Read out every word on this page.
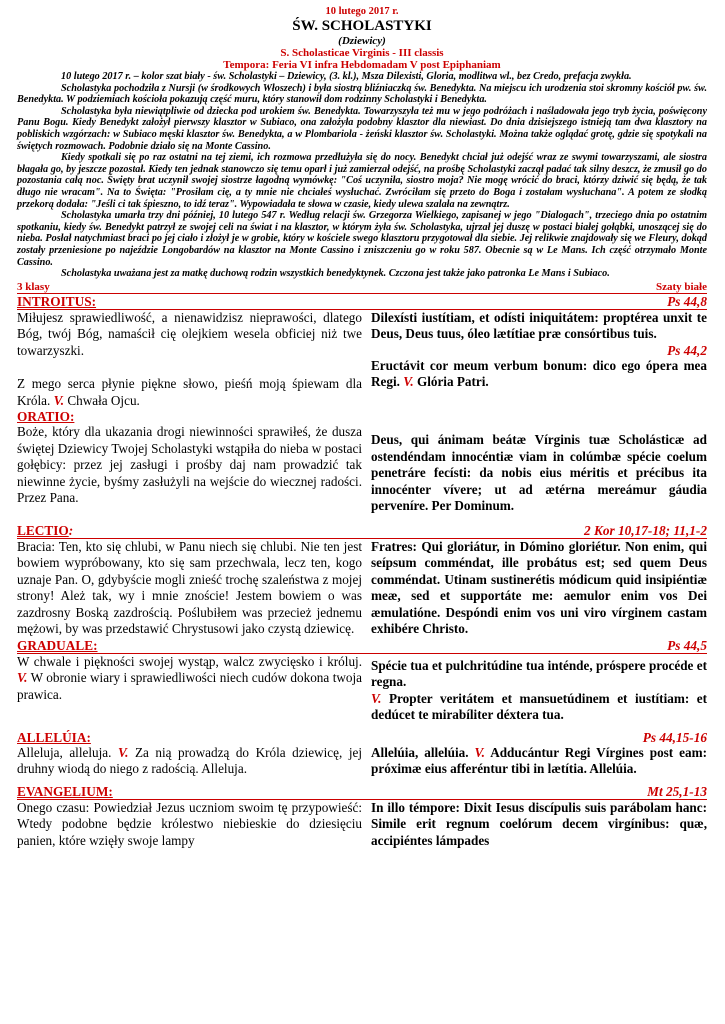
10 lutego 2017 r.
ŚW. SCHOLASTYKI
(Dziewicy)
S. Scholasticae Virginis - III classis
Tempora: Feria VI infra Hebdomadam V post Epiphaniam

10 lutego 2017 r. – kolor szat biały - św. Scholastyki – Dziewicy, (3. kl.), Msza Dilexisti, Gloria, modlitwa wl., bez Credo, prefacja zwykła.

Scholastyka pochodziła z Nursji (w środkowych Włoszech) i była siostrą bliźniaczką św. Benedykta. Na miejscu ich urodzenia stoi skromny kościół pw. św. Benedykta. W podziemiach kościoła pokazują część muru, który stanowił dom rodzinny Scholastyki i Benedykta.

Scholastyka była niewiątpliwie od dziecka pod urokiem św. Benedykta. Towarzyszyła też mu w jego podróżach i naśladowała jego tryb życia, poświęcony Panu Bogu. Kiedy Benedykt założył pierwszy klasztor w Subiaco, ona założyła podobny klasztor dla niewiast. Do dnia dzisiejszego istnieją tam dwa klasztory na pobliskich wzgórzach: w Subiaco męski klasztor św. Benedykta, a w Plombariola - żeński klasztor św. Scholastyki. Można także oglądać grotę, gdzie się spotykali na świętych rozmowach. Podobnie działo się na Monte Cassino.

Kiedy spotkali się po raz ostatni na tej ziemi, ich rozmowa przedłużyła się do nocy. Benedykt chciał już odejść wraz ze swymi towarzyszami, ale siostra błagała go, by jeszcze pozostał. Kiedy ten jednak stanowczo się temu oparł i już zamierzał odejść, na prośbę Scholastyki zaczął padać tak silny deszcz, że zmusił go do pozostania całą noc. Święty brat uczynił swojej siostrze łagodną wymówkę: "Coś uczyniła, siostro moja? Nie mogę wrócić do braci, którzy dziwić się będą, że tak długo nie wracam". Na to Święta: "Prosiłam cię, a ty mnie nie chciałeś wysłuchać. Zwróciłam się przeto do Boga i zostałam wysłuchana". A potem ze słodką przekorą dodała: "Jeśli ci tak śpieszno, to idź teraz". Wypowiadała te słowa w czasie, kiedy ulewa szalała na zewnątrz.

Scholastyka umarła trzy dni później, 10 lutego 547 r. Według relacji św. Grzegorza Wielkiego, zapisanej w jego "Dialogach", trzeciego dnia po ostatnim spotkaniu, kiedy św. Benedykt patrzył ze swojej celi na świat i na klasztor, w którym żyła św. Scholastyka, ujrzał jej duszę w postaci białej gołąbki, unoszącej się do nieba. Posłał natychmiast braci po jej ciało i złożył je w grobie, który w kościele swego klasztoru przygotował dla siebie. Jej relikwie znajdowały się we Fleury, dokąd zostały przeniesione po najeździe Longobardów na klasztor na Monte Cassino i zniszczeniu go w roku 587. Obecnie są w Le Mans. Ich część otrzymało Monte Cassino.

Scholastyka uważana jest za matkę duchową rodzin wszystkich benedyktynek. Czczona jest także jako patronka Le Mans i Subiaco.

3 klasy	Szaty białe
INTROITUS:	Ps 44,8
Miłujesz sprawiedliwość, a nienawidzisz nieprawości, dlatego Bóg, twój Bóg, namaścił cię olejkiem wesela obficiej niż twe towarzyszki.
Z mego serca płynie piękne słowo, pieśń moją śpiewam dla Króla. V. Chwała Ojcu.
Dilexísti iustítiam, et odísti iniquitátem: proptérea unxit te Deus, Deus tuus, óleo lætítiae præ consórtibus tuis.
Ps 44,2
Eructávit cor meum verbum bonum: dico ego ópera mea Regi. V. Glória Patri.
ORATIO:
Boże, który dla ukazania drogi niewinności sprawiłeś, że dusza świętej Dziewicy Twojej Scholastyki wstąpiła do nieba w postaci gołębicy: przez jej zasługi i prośby daj nam prowadzić tak niewinne życie, byśmy zasłużyli na wejście do wiecznej radości. Przez Pana.
Deus, qui ánimam beátæ Vírginis tuæ Scholásticæ ad ostendéndam innocéntiæ viam in colúmbæ spécie coelum penetráre fecísti: da nobis eius méritis et précibus ita innocénter vívere; ut ad ætérna mereámur gáudia perveníre. Per Dominum.
LECTIO:	2 Kor 10,17-18; 11,1-2
Bracia: Ten, kto się chlubi, w Panu niech się chlubi. Nie ten jest bowiem wypróbowany, kto się sam przechwala, lecz ten, kogo uznaje Pan. O, gdybyście mogli znieść trochę szaleństwa z mojej strony! Ależ tak, wy i mnie znoście! Jestem bowiem o was zazdrosny Boską zazdrością. Poślubiłem was przecież jednemu mężowi, by was przedstawić Chrystusowi jako czystą dziewicę.
Fratres: Qui gloriátur, in Dómino gloriétur. Non enim, qui seípsum comméndat, ille probátus est; sed quem Deus comméndat. Utinam sustinerétis módicum quid insipiéntiæ meæ, sed et supportáte me: aemulor enim vos Dei æmulatióne. Despóndi enim vos uni viro vírginem castam exhibére Christo.
GRADUALE:	Ps 44,5
W chwale i piękności swojej wystąp, walcz zwycięsko i króluj. V. W obronie wiary i sprawiedliwości niech cudów dokona twoja prawica.
Spécie tua et pulchritúdine tua inténde, próspere procéde et regna.
V. Propter veritátem et mansuetúdinem et iustítiam: et dedúcet te mirabíliter déxtera tua.
ALLELÚIA:	Ps 44,15-16
Alleluja, alleluja. V. Za nią prowadzą do Króla dziewicę, jej druhny wiodą do niego z radością. Alleluja.
Allelúia, allelúia. V. Adducántur Regi Vírgines post eam: próximæ eius afferéntur tibi in lætítia. Allelúia.
EVANGELIUM:	Mt 25,1-13
Onego czasu: Powiedział Jezus uczniom swoim tę przypowieść: Wtedy podobne będzie królestwo niebieskie do dziesięciu panien, które wzięły swoje lampy
In illo témpore: Dixit Iesus discípulis suis parábolam hanc: Simile erit regnum coelórum decem virgínibus: quæ, accipiéntes lámpades
